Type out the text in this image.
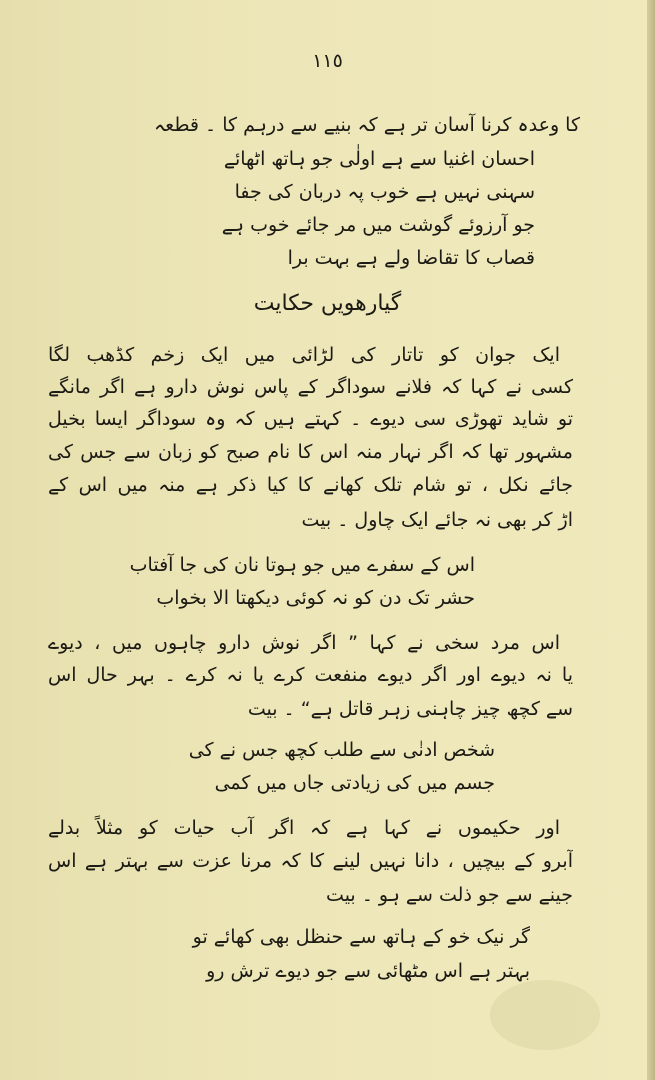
١١٥
کا وعدہ کرنا آسان تر ہے کہ بنیے سے درہم کا ۔ قطعہ
احسان اغنیا سے ہے اولٰی جو ہاتھ اٹھائے
سہنی نہیں ہے خوب پہ دربان کی جفا
جو آرزوئے گوشت میں مر جائے خوب ہے
قصاب کا تقاضا ولے ہے بہت برا
گیارھویں حکایت
ایک جوان کو تاتار کی لڑائی میں ایک زخم کڈھب لگا
کسی نے کہا کہ فلانے سوداگر کے پاس نوش دارو ہے اگر مانگے
تو شاید تھوڑی سی دیوے ۔ کہتے ہیں کہ وہ سوداگر ایسا بخیل
مشہور تھا کہ اگر نہار منہ اس کا نام صبح کو زبان سے جس کی
جائے نکل ، تو شام تلک کھانے کا کیا ذکر ہے منہ میں اس کے
اڑ کر بھی نہ جائے ایک چاول ۔ بیت
اس کے سفرے میں جو ہوتا نان کی جا آفتاب
حشر تک دن کو نہ کوئی دیکھتا الا بخواب
اس مرد سخی نے کہا ” اگر نوش دارو چاہوں میں ، دیوے
یا نہ دیوے اور اگر دیوے منفعت کرے یا نہ کرے ۔ بہر حال اس
سے کچھ چیز چاہنی زہر قاتل ہے“ ۔ بیت
شخص ادنٰی سے طلب کچھ جس نے کی
جسم میں کی زیادتی جاں میں کمی
اور حکیموں نے کہا ہے کہ اگر آب حیات کو مثلاً بدلے
آبرو کے بیچیں ، دانا نہیں لینے کا کہ مرنا عزت سے بہتر ہے اس
جینے سے جو ذلت سے ہو ۔ بیت
گر نیک خو کے ہاتھ سے حنظل بھی کھائے تو
بہتر ہے اس مٹھائی سے جو دیوے ترش رو
